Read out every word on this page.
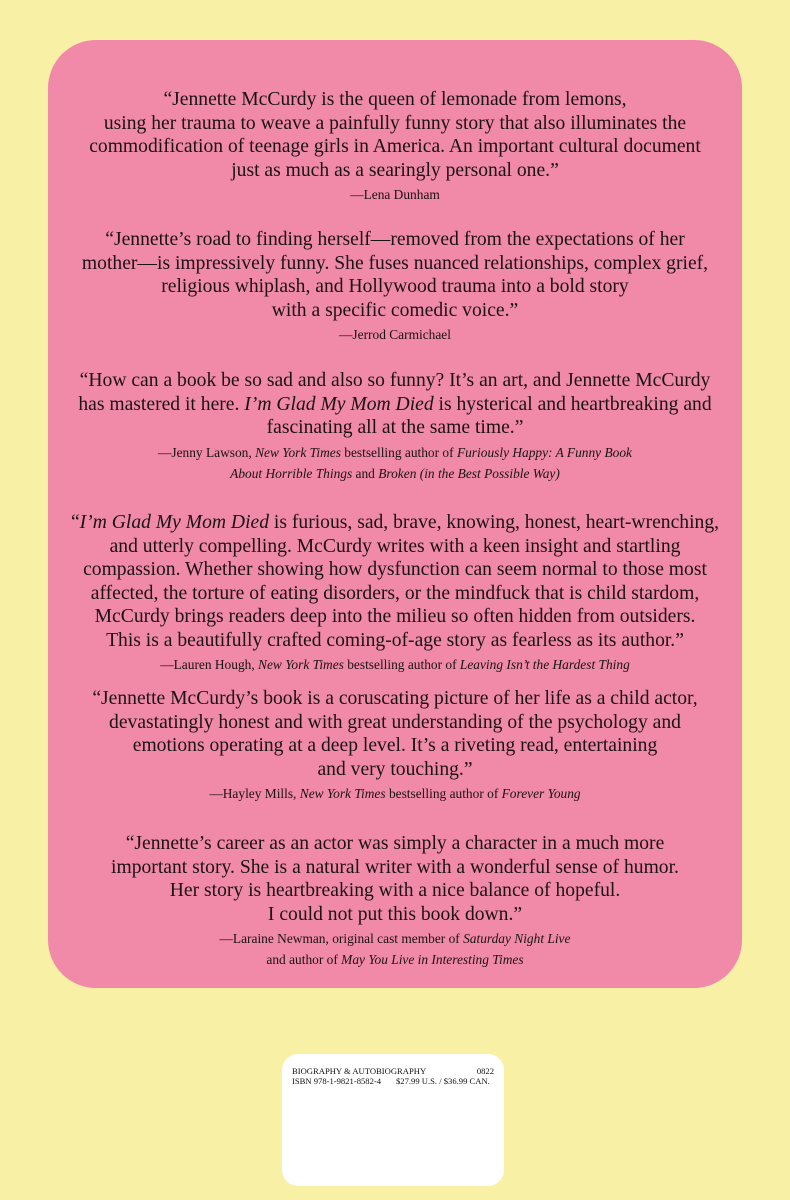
“Jennette McCurdy is the queen of lemonade from lemons,
using her trauma to weave a painfully funny story that also illuminates the
commodification of teenage girls in America. An important cultural document
just as much as a searingly personal one.”

—Lena Dunham

“Jennette’s road to finding herself—removed from the expectations of her
mother—is impressively funny. She fuses nuanced relationships, complex grief,
religious whiplash, and Hollywood trauma into a bold story
with a specific comedic voice.”

—Jerrod Carmichael

“How can a book be so sad and also so funny? It’s an art, and Jennette McCurdy
has mastered it here. I’m Glad My Mom Died is hysterical and heartbreaking and
fascinating all at the same time.”

—Jenny Lawson, New York Times bestselling author of Furiously Happy: A Funny Book
About Horrible Things and Broken (in the Best Possible Way)

“I’m Glad My Mom Died is furious, sad, brave, knowing, honest, heart-wrenching,
and utterly compelling. McCurdy writes with a keen insight and startling
compassion. Whether showing how dysfunction can seem normal to those most
affected, the torture of eating disorders, or the mindfuck that is child stardom,
McCurdy brings readers deep into the milieu so often hidden from outsiders.
This is a beautifully crafted coming-of-age story as fearless as its author.”

—Lauren Hough, New York Times bestselling author of Leaving Isn’t the Hardest Thing

“Jennette McCurdy’s book is a coruscating picture of her life as a child actor,
devastatingly honest and with great understanding of the psychology and
emotions operating at a deep level. It’s a riveting read, entertaining
and very touching.”

—Hayley Mills, New York Times bestselling author of Forever Young

“Jennette’s career as an actor was simply a character in a much more
important story. She is a natural writer with a wonderful sense of humor.
Her story is heartbreaking with a nice balance of hopeful.
I could not put this book down.”

—Laraine Newman, original cast member of Saturday Night Live
and author of May You Live in Interesting Times

BIOGRAPHY & AUTOBIOGRAPHY	0822
ISBN 978-1-9821-8582-4 $27.99 U.S. / $36.99 CAN.
